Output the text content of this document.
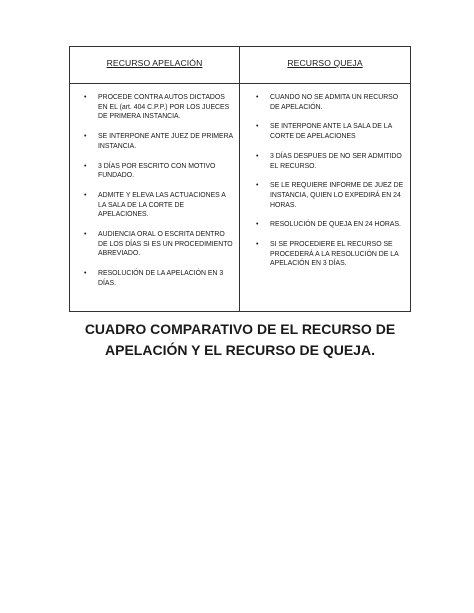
RECURSO APELACIÓN
• PROCEDE CONTRA AUTOS DICTADOS EN EL (art. 404 C.P.P.) POR LOS JUECES DE PRIMERA INSTANCIA.
• SE INTERPONE ANTE JUEZ DE PRIMERA INSTANCIA.
• 3 DÍAS POR ESCRITO CON MOTIVO FUNDADO.
• ADMITE Y ELEVA LAS ACTUACIONES A LA SALA DE LA CORTE DE APELACIONES.
• AUDIENCIA ORAL O ESCRITA DENTRO DE LOS DÍAS SI ES UN PROCEDIMIENTO ABREVIADO.
• RESOLUCIÓN DE LA APELACIÓN EN 3 DÍAS.
RECURSO QUEJA
• CUANDO NO SE ADMITA UN RECURSO DE APELACIÓN.
• SE INTERPONE ANTE LA SALA DE LA CORTE DE APELACIONES
• 3 DÍAS DESPUES DE NO SER ADMITIDO EL RECURSO.
• SE LE REQUIERE INFORME DE JUEZ DE INSTANCIA, QUIEN LO EXPEDIRÁ EN 24 HORAS.
• RESOLUCIÓN DE QUEJA EN 24 HORAS.
• SI SE PROCEDIERE EL RECURSO SE PROCEDERÁ A LA RESOLUCIÓN DE LA APELACIÓN EN 3 DÍAS.
CUADRO COMPARATIVO DE EL RECURSO DE
APELACIÓN Y EL RECURSO DE QUEJA.
